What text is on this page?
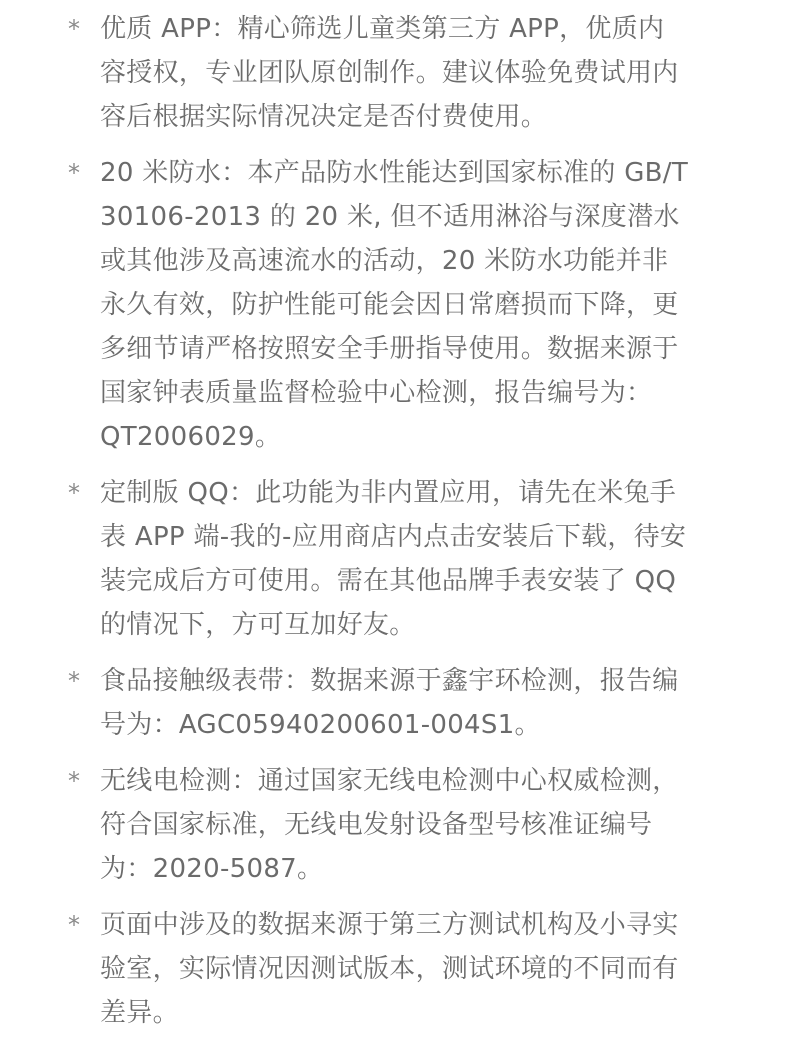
* 优质 APP：精心筛选儿童类第三方 APP，优质内
容授权，专业团队原创制作。建议体验免费试用内
容后根据实际情况决定是否付费使用。
* 20 米防水：本产品防水性能达到国家标准的 GB/T
30106-2013 的 20 米, 但不适用淋浴与深度潜水
或其他涉及高速流水的活动，20 米防水功能并非
永久有效，防护性能可能会因日常磨损而下降，更
多细节请严格按照安全手册指导使用。数据来源于
国家钟表质量监督检验中心检测，报告编号为：
QT2006029。
* 定制版 QQ：此功能为非内置应用，请先在米兔手
表 APP 端-我的-应用商店内点击安装后下载，待安
装完成后方可使用。需在其他品牌手表安装了 QQ
的情况下，方可互加好友。
* 食品接触级表带：数据来源于鑫宇环检测，报告编
号为：AGC05940200601-004S1。
* 无线电检测：通过国家无线电检测中心权威检测，
符合国家标准，无线电发射设备型号核准证编号
为：2020-5087。
* 页面中涉及的数据来源于第三方测试机构及小寻实
验室，实际情况因测试版本，测试环境的不同而有
差异。
